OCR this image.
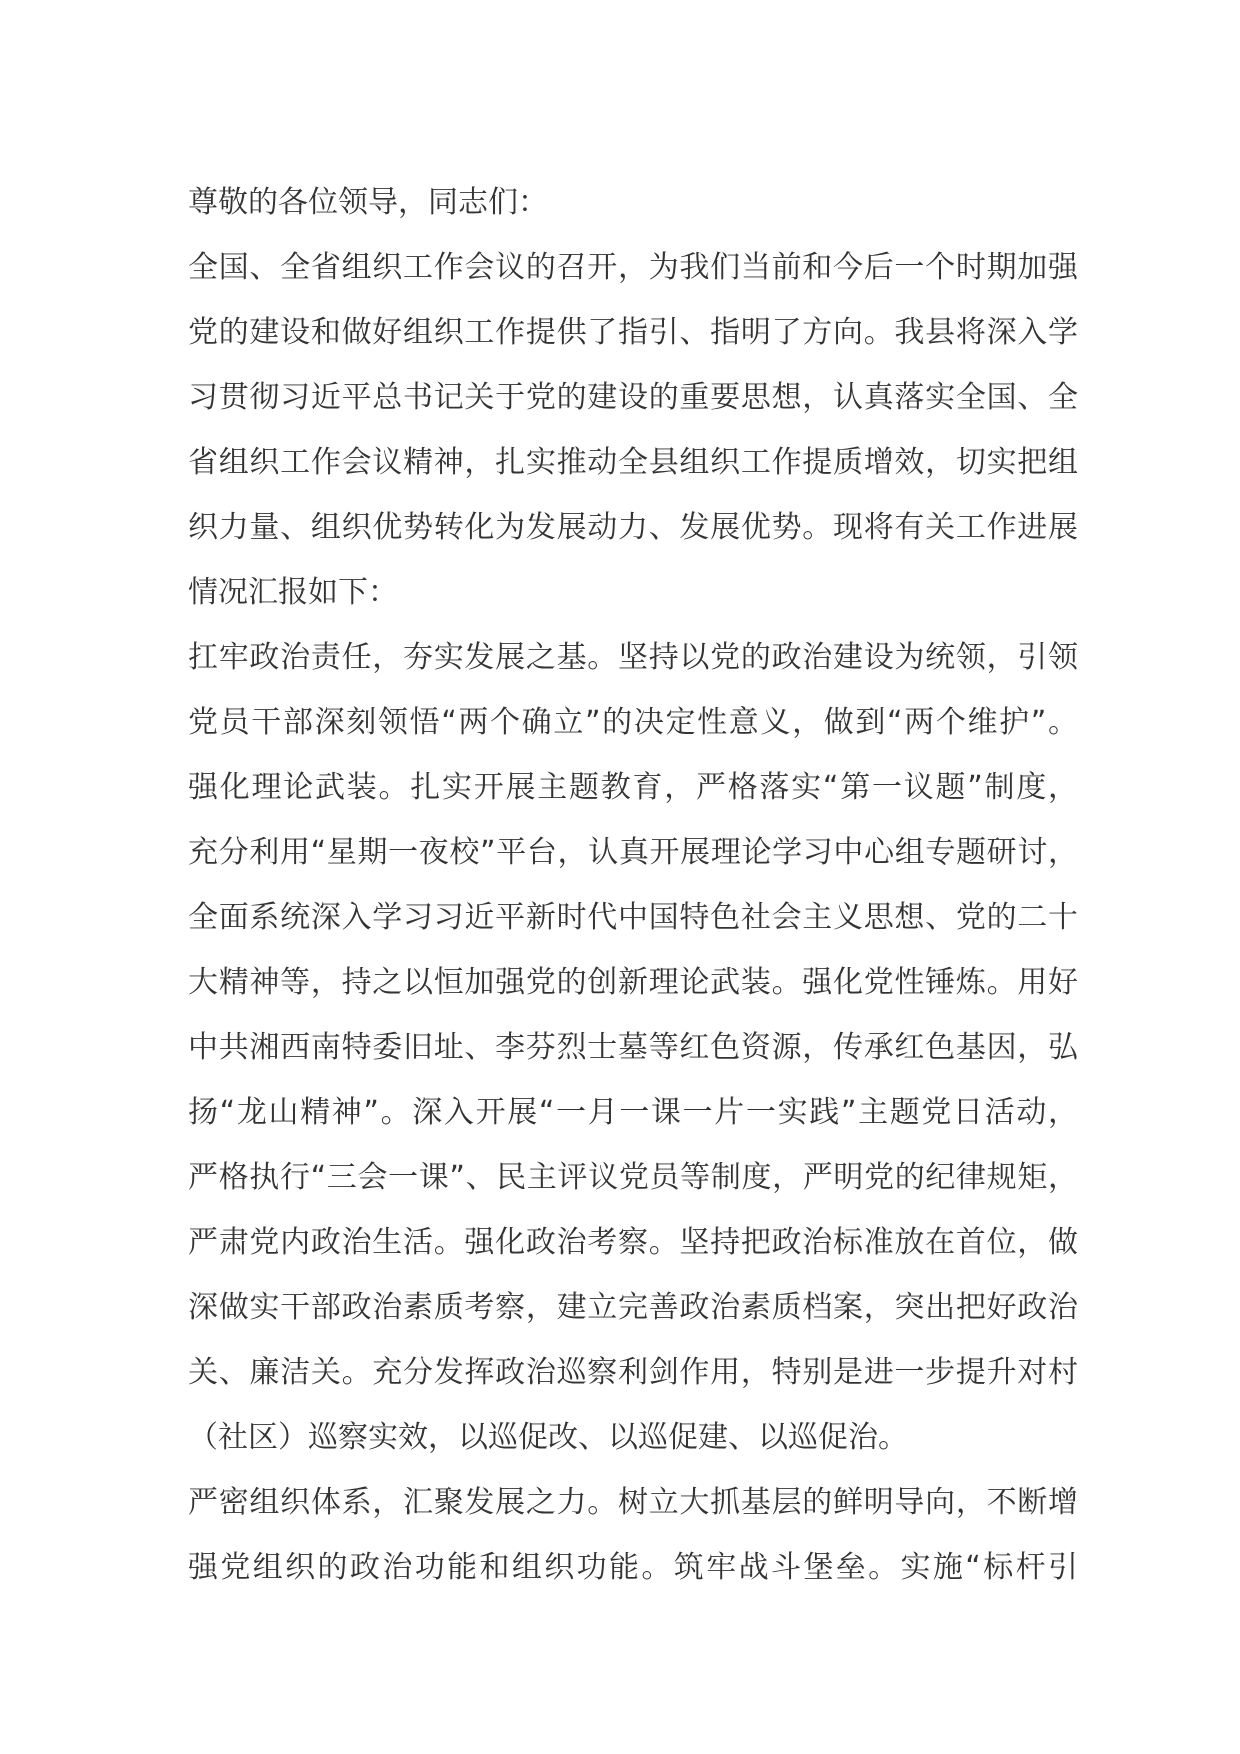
尊敬的各位领导，同志们：
全国、全省组织工作会议的召开，为我们当前和今后一个时期加强
党的建设和做好组织工作提供了指引、指明了方向。我县将深入学
习贯彻习近平总书记关于党的建设的重要思想，认真落实全国、全
省组织工作会议精神，扎实推动全县组织工作提质增效，切实把组
织力量、组织优势转化为发展动力、发展优势。现将有关工作进展
情况汇报如下：
扛牢政治责任，夯实发展之基。坚持以党的政治建设为统领，引领
党员干部深刻领悟“两个确立”的决定性意义，做到“两个维护”。
强化理论武装。扎实开展主题教育，严格落实“第一议题”制度，
充分利用“星期一夜校”平台，认真开展理论学习中心组专题研讨，
全面系统深入学习习近平新时代中国特色社会主义思想、党的二十
大精神等，持之以恒加强党的创新理论武装。强化党性锤炼。用好
中共湘西南特委旧址、李芬烈士墓等红色资源，传承红色基因，弘
扬“龙山精神”。深入开展“一月一课一片一实践”主题党日活动，
严格执行“三会一课”、民主评议党员等制度，严明党的纪律规矩，
严肃党内政治生活。强化政治考察。坚持把政治标准放在首位，做
深做实干部政治素质考察，建立完善政治素质档案，突出把好政治
关、廉洁关。充分发挥政治巡察利剑作用，特别是进一步提升对村
（社区）巡察实效，以巡促改、以巡促建、以巡促治。
严密组织体系，汇聚发展之力。树立大抓基层的鲜明导向，不断增
强党组织的政治功能和组织功能。筑牢战斗堡垒。实施“标杆引
